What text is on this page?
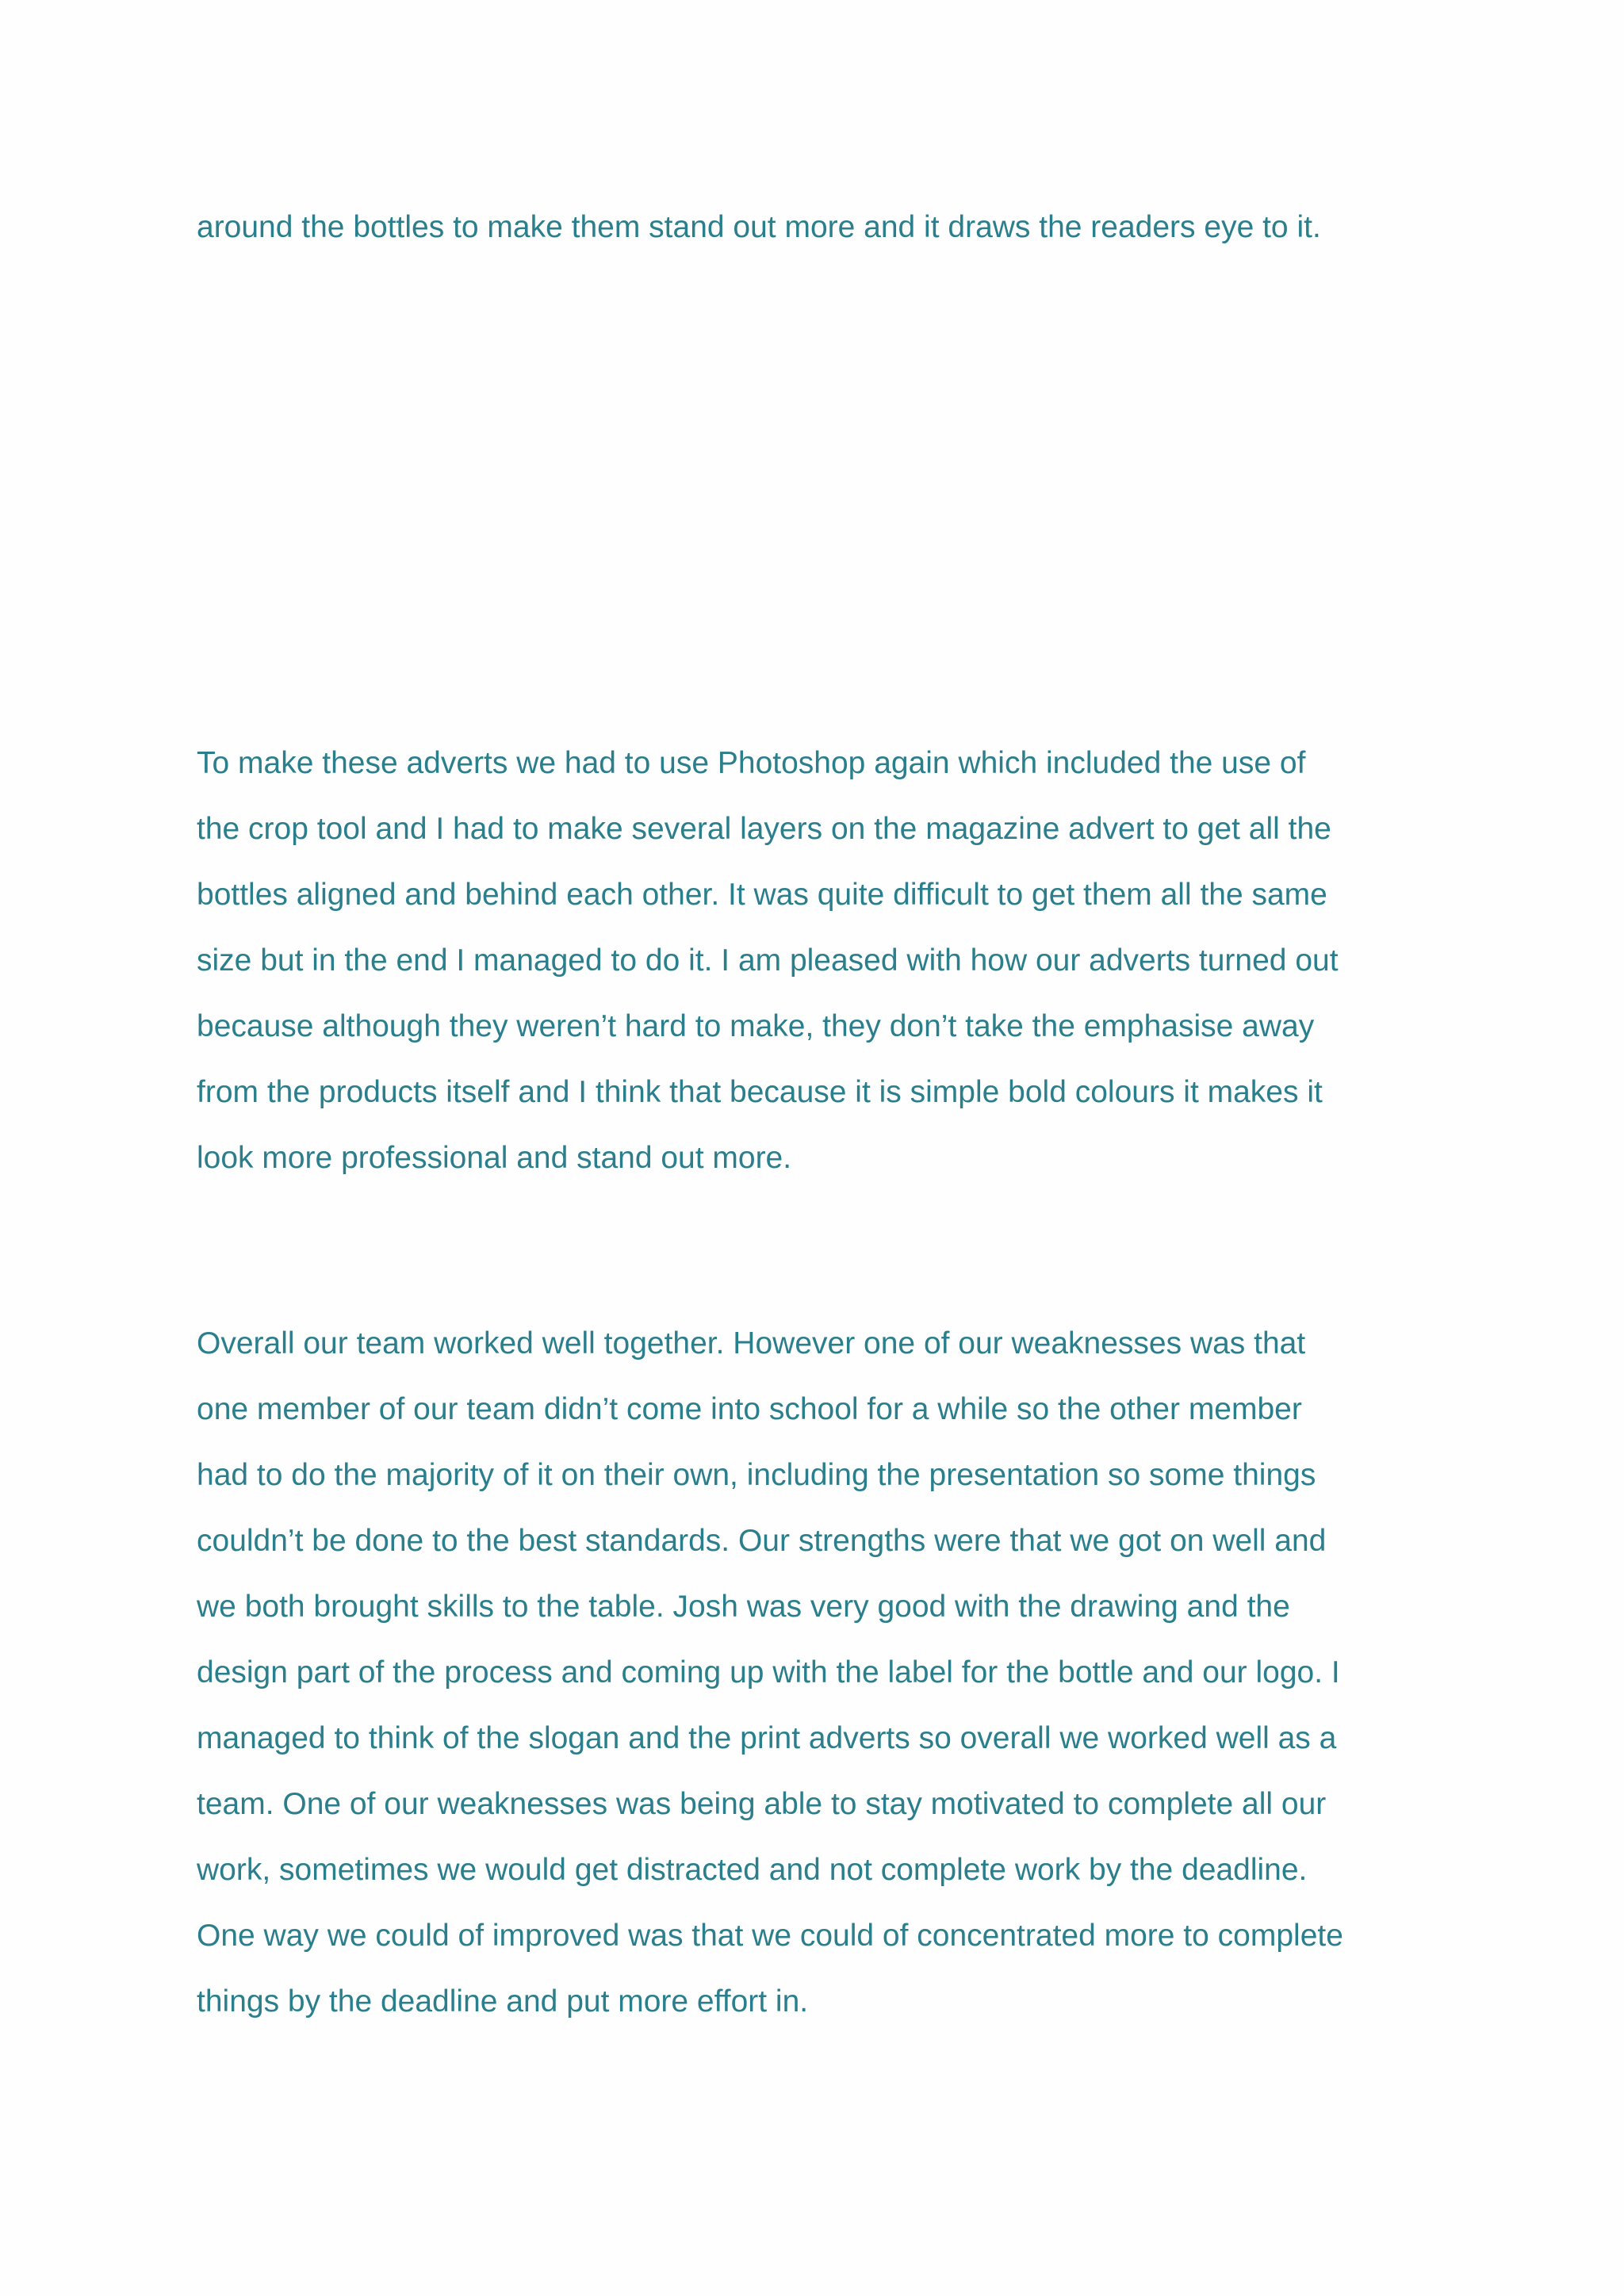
around the bottles to make them stand out more and it draws the readers eye to it.

To make these adverts we had to use Photoshop again which included the use of
the crop tool and I had to make several layers on the magazine advert to get all the
bottles aligned and behind each other. It was quite difficult to get them all the same
size but in the end I managed to do it. I am pleased with how our adverts turned out
because although they weren’t hard to make, they don’t take the emphasise away
from the products itself and I think that because it is simple bold colours it makes it
look more professional and stand out more.

Overall our team worked well together. However one of our weaknesses was that
one member of our team didn’t come into school for a while so the other member
had to do the majority of it on their own, including the presentation so some things
couldn’t be done to the best standards. Our strengths were that we got on well and
we both brought skills to the table. Josh was very good with the drawing and the
design part of the process and coming up with the label for the bottle and our logo. I
managed to think of the slogan and the print adverts so overall we worked well as a
team. One of our weaknesses was being able to stay motivated to complete all our
work, sometimes we would get distracted and not complete work by the deadline.
One way we could of improved was that we could of concentrated more to complete
things by the deadline and put more effort in.
